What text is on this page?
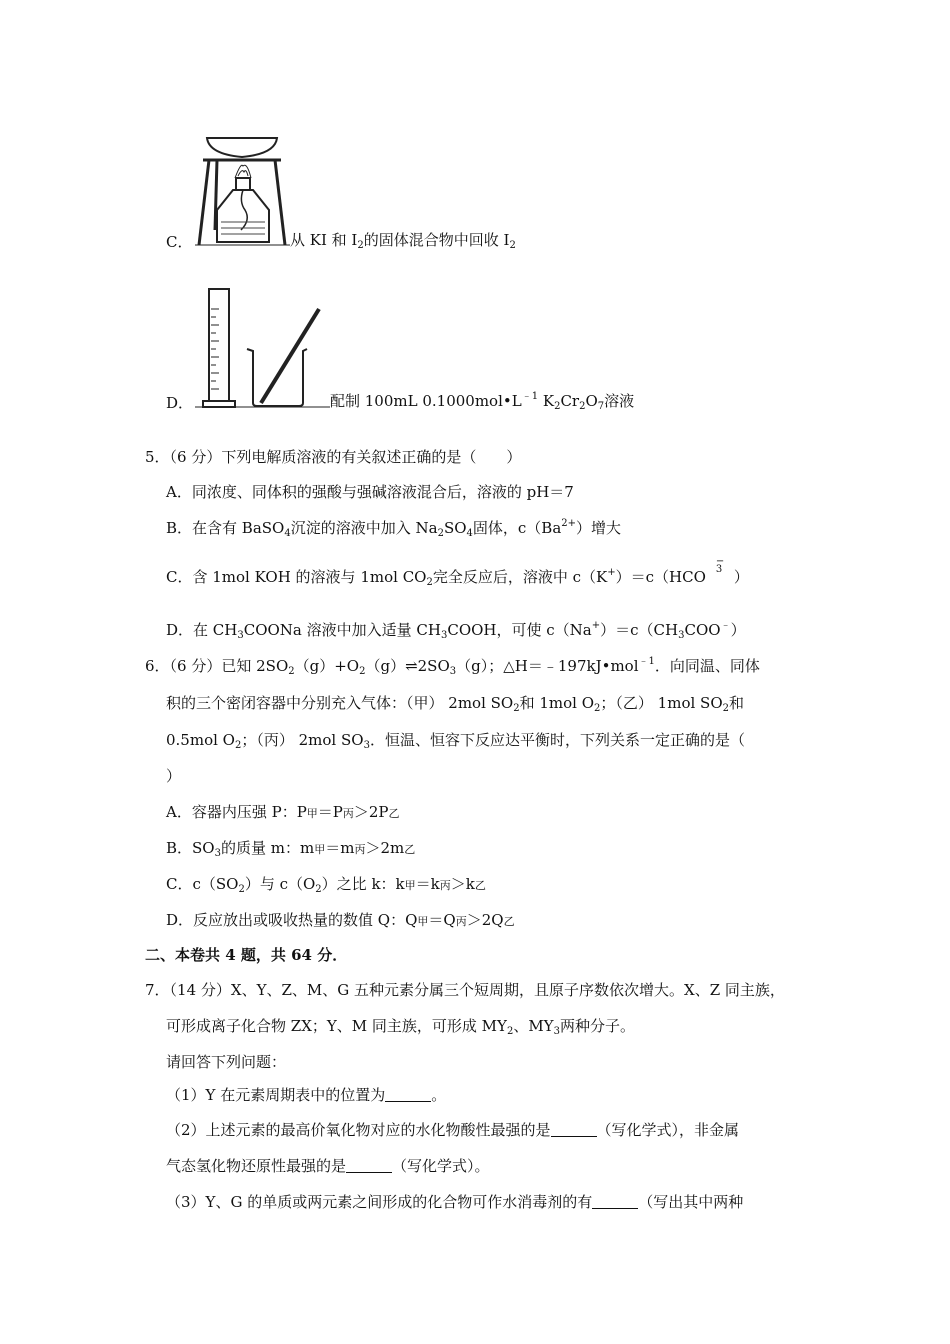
C．	从 KI 和 $I_2$的固体混合物中回收 $I_2$
D．	配制 100mL $0.1000mol•L^{﹣1}$ $K_2Cr_2O_7$溶液
5．（6 分）下列电解质溶液的有关叙述正确的是（　　）
A．同浓度、同体积的强酸与强碱溶液混合后，溶液的 pH＝7
B．在含有 BaSO$_4$沉淀的溶液中加入 $Na_2SO_4$固体，$c(Ba^{2+})$增大
C．含 1mol KOH 的溶液与 1mol $CO_2$完全反应后，溶液中 c（K+）＝c（HCO
−
3 ）
D．在 $CH_3COONa$ 溶液中加入适量 $CH_3COOH$，可使 $c(Na^+)=c(CH_3COO^﹣)$
6．（6 分）已知 $2SO_2(g)+O_2(g)\rightleftharpoons 2SO_3(g)$；△H＝﹣197kJ•mol$^{﹣1}$．向同温、同体
积的三个密闭容器中分别充入气体：（甲） 2mol $SO_2$和 1mol $O_2$；（乙） 1mol $SO_2$和
0.5mol $O_2$；（丙） 2mol $SO_3$．恒温、恒容下反应达平衡时，下列关系一定正确的是（
）
A．容器内压强 P：P甲＝P丙＞2P乙
B．$SO_3$的质量 m：m甲＝m丙＞2m乙
C．$c(SO_2)$与 $c(O_2)$之比 k：k甲＝k丙＞k乙
D．反应放出或吸收热量的数值 Q：Q甲＝Q丙＞2Q乙
二、本卷共 4 题，共 64 分．
7．（14 分）X、Y、Z、M、G 五种元素分属三个短周期，且原子序数依次增大。X、Z 同主族，
可形成离子化合物 ZX；Y、M 同主族，可形成 $MY_2$、$MY_3$两种分子。
请回答下列问题：
（1）Y 在元素周期表中的位置为	。
（2）上述元素的最高价氧化物对应的水化物酸性最强的是	（写化学式），非金属
气态氢化物还原性最强的是	（写化学式）。
（3）Y、G 的单质或两元素之间形成的化合物可作水消毒剂的有	（写出其中两种
